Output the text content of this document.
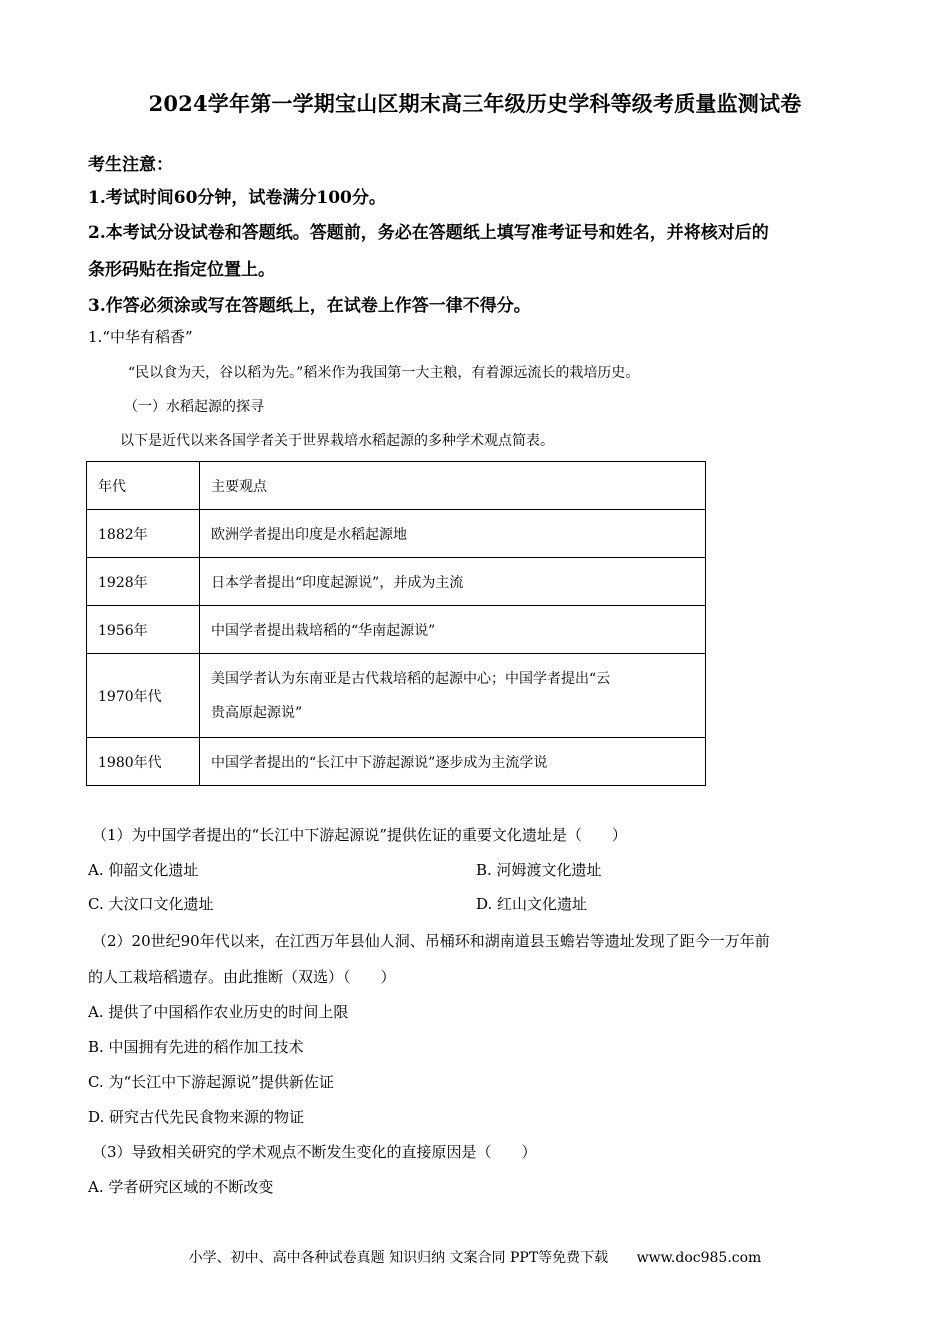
2024学年第一学期宝山区期末高三年级历史学科等级考质量监测试卷
考生注意：
1.考试时间60分钟，试卷满分100分。
2.本考试分设试卷和答题纸。答题前，务必在答题纸上填写准考证号和姓名，并将核对后的
条形码贴在指定位置上。
3.作答必须涂或写在答题纸上，在试卷上作答一律不得分。
1.“中华有稻香”
“民以食为天，谷以稻为先。”稻米作为我国第一大主粮，有着源远流长的栽培历史。
（一）水稻起源的探寻
以下是近代以来各国学者关于世界栽培水稻起源的多种学术观点简表。
年代	主要观点
1882年	欧洲学者提出印度是水稻起源地
1928年	日本学者提出“印度起源说”，并成为主流
1956年	中国学者提出栽培稻的“华南起源说”
1970年代	美国学者认为东南亚是古代栽培稻的起源中心；中国学者提出“云
贵高原起源说”

1980年代	中国学者提出的“长江中下游起源说”逐步成为主流学说
（1）为中国学者提出的“长江中下游起源说”提供佐证的重要文化遗址是（　　）
A. 仰韶文化遗址	B. 河姆渡文化遗址
C. 大汶口文化遗址	D. 红山文化遗址
（2）20世纪90年代以来，在江西万年县仙人洞、吊桶环和湖南道县玉蟾岩等遗址发现了距今一万年前
的人工栽培稻遗存。由此推断（双选）（　　）
A. 提供了中国稻作农业历史的时间上限
B. 中国拥有先进的稻作加工技术
C. 为“长江中下游起源说”提供新佐证
D. 研究古代先民食物来源的物证
（3）导致相关研究的学术观点不断发生变化的直接原因是（　　）
A. 学者研究区域的不断改变
小学、初中、高中各种试卷真题 知识归纳 文案合同 PPT等免费下载 www.doc985.com
